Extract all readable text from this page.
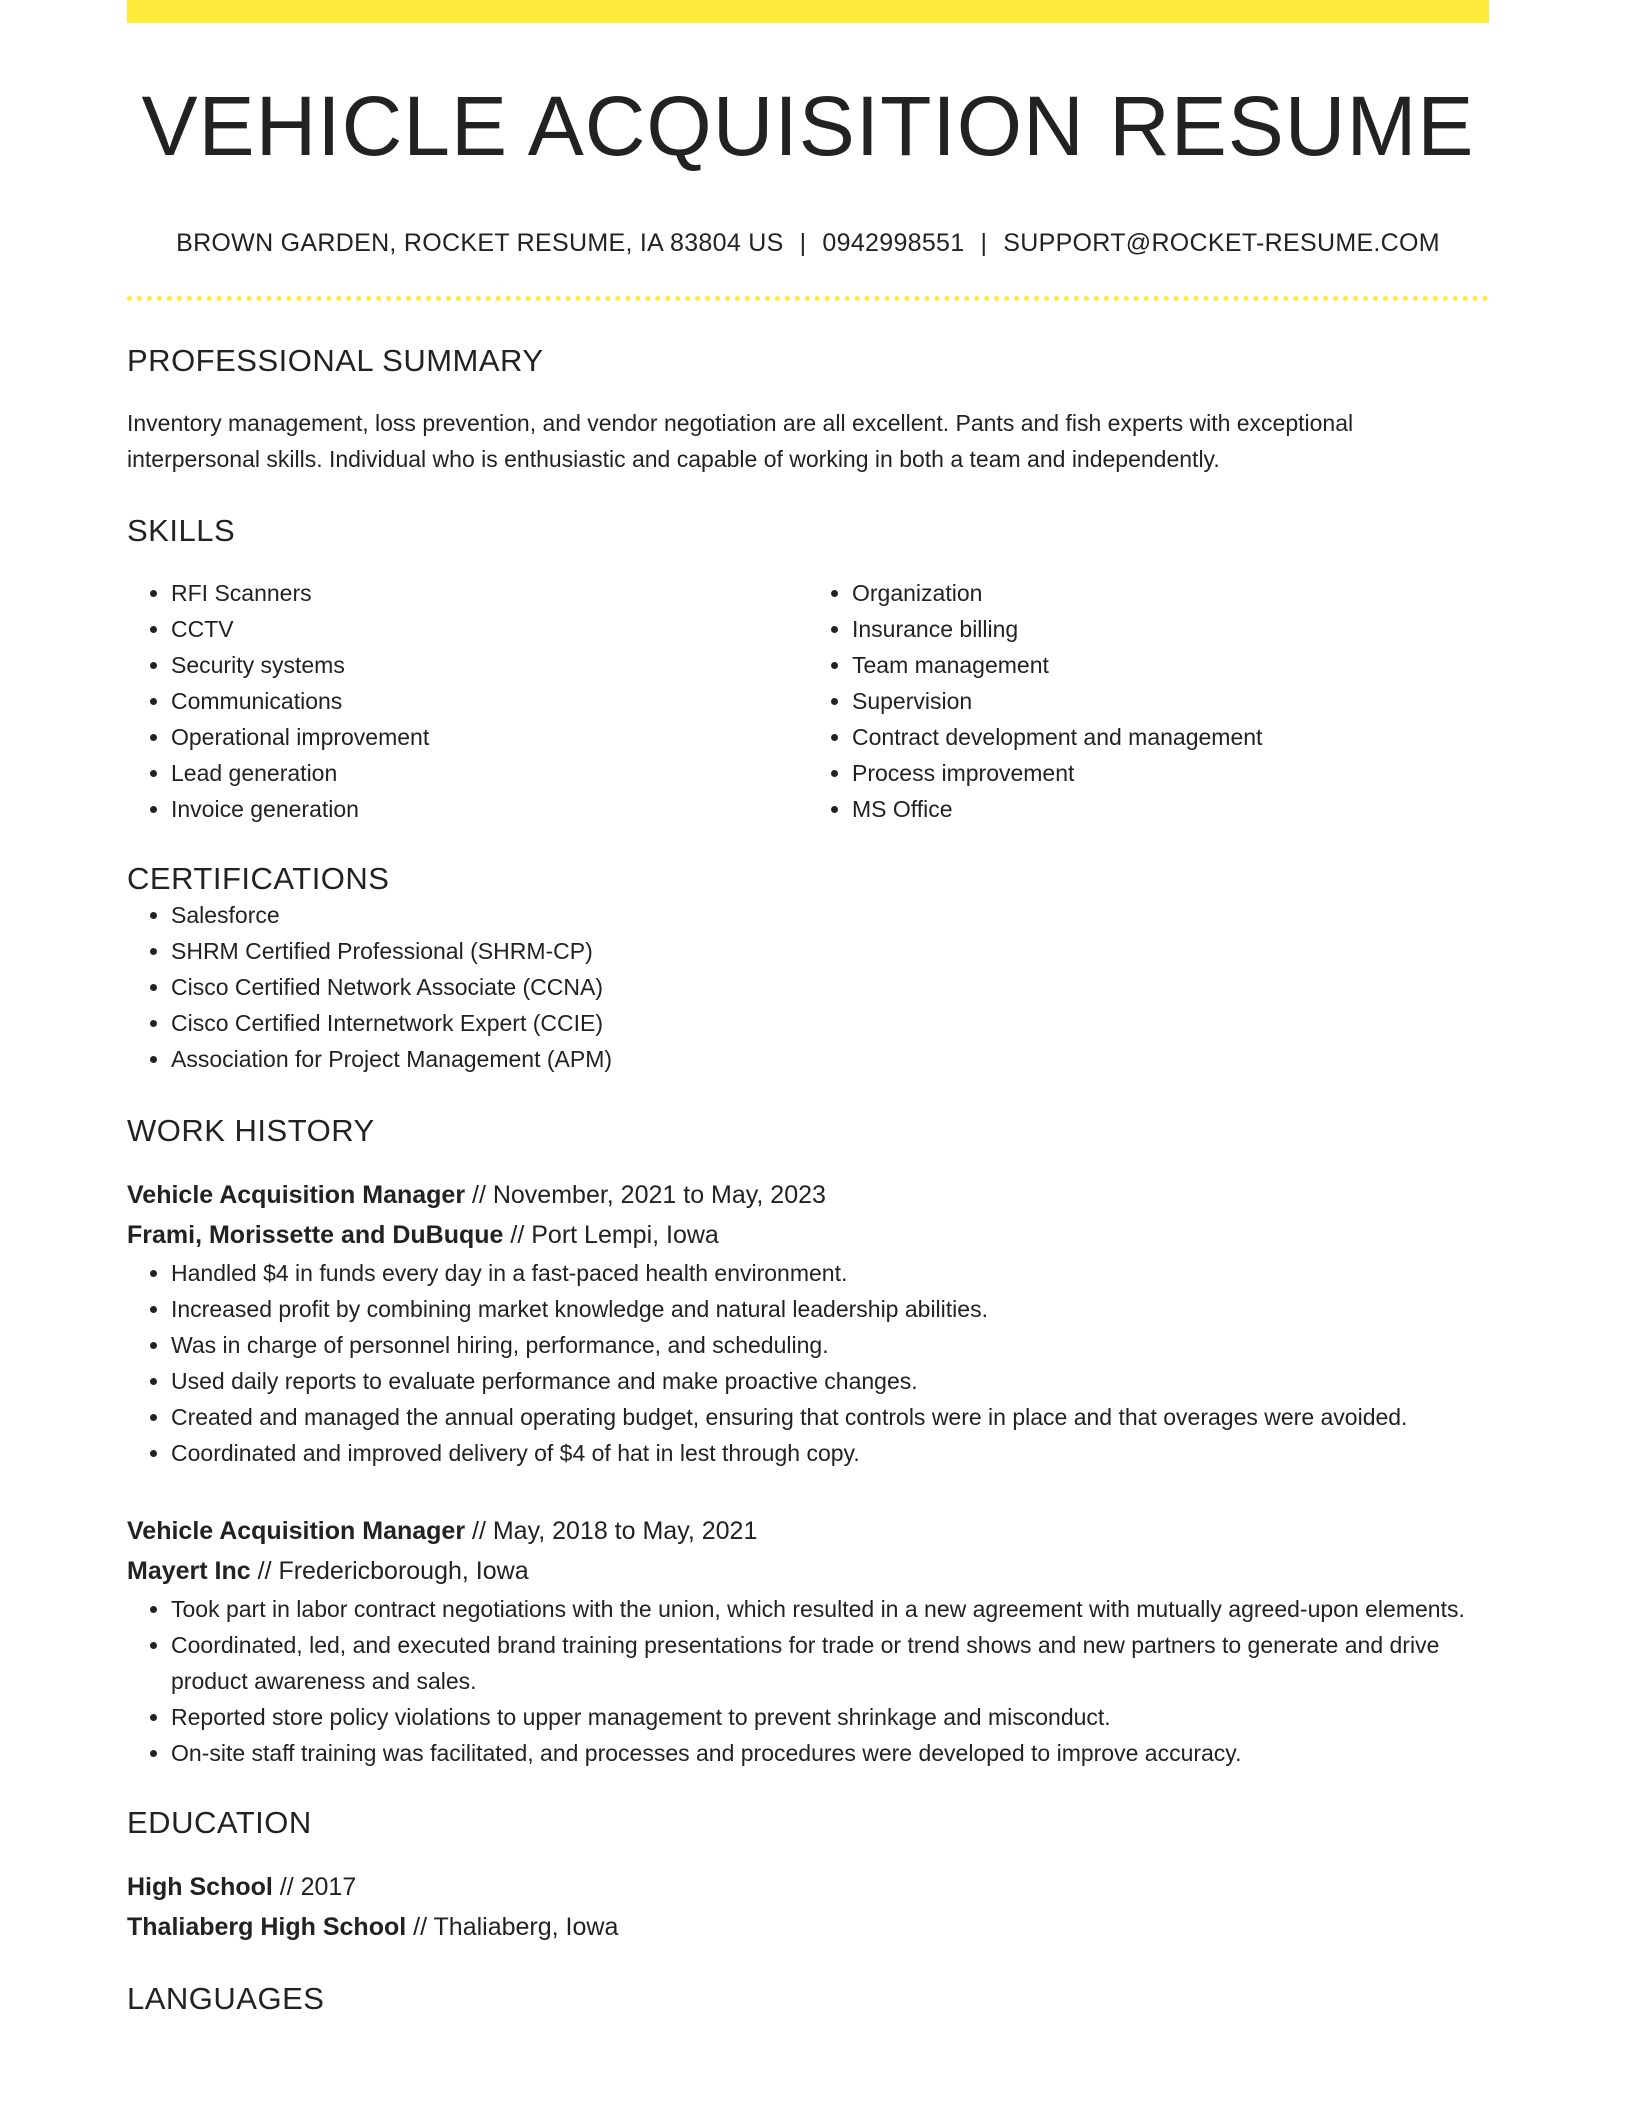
VEHICLE ACQUISITION RESUME
BROWN GARDEN, ROCKET RESUME, IA 83804 US | 0942998551 | SUPPORT@ROCKET-RESUME.COM
PROFESSIONAL SUMMARY
Inventory management, loss prevention, and vendor negotiation are all excellent. Pants and fish experts with exceptional interpersonal skills. Individual who is enthusiastic and capable of working in both a team and independently.
SKILLS
• RFI Scanners
• CCTV
• Security systems
• Communications
• Operational improvement
• Lead generation
• Invoice generation
• Organization
• Insurance billing
• Team management
• Supervision
• Contract development and management
• Process improvement
• MS Office
CERTIFICATIONS
• Salesforce
• SHRM Certified Professional (SHRM-CP)
• Cisco Certified Network Associate (CCNA)
• Cisco Certified Internetwork Expert (CCIE)
• Association for Project Management (APM)
WORK HISTORY
Vehicle Acquisition Manager // November, 2021 to May, 2023
Frami, Morissette and DuBuque // Port Lempi, Iowa
• Handled $4 in funds every day in a fast-paced health environment.
• Increased profit by combining market knowledge and natural leadership abilities.
• Was in charge of personnel hiring, performance, and scheduling.
• Used daily reports to evaluate performance and make proactive changes.
• Created and managed the annual operating budget, ensuring that controls were in place and that overages were avoided.
• Coordinated and improved delivery of $4 of hat in lest through copy.
Vehicle Acquisition Manager // May, 2018 to May, 2021
Mayert Inc // Fredericborough, Iowa
• Took part in labor contract negotiations with the union, which resulted in a new agreement with mutually agreed-upon elements.
• Coordinated, led, and executed brand training presentations for trade or trend shows and new partners to generate and drive product awareness and sales.
• Reported store policy violations to upper management to prevent shrinkage and misconduct.
• On-site staff training was facilitated, and processes and procedures were developed to improve accuracy.
EDUCATION
High School // 2017
Thaliaberg High School // Thaliaberg, Iowa
LANGUAGES
